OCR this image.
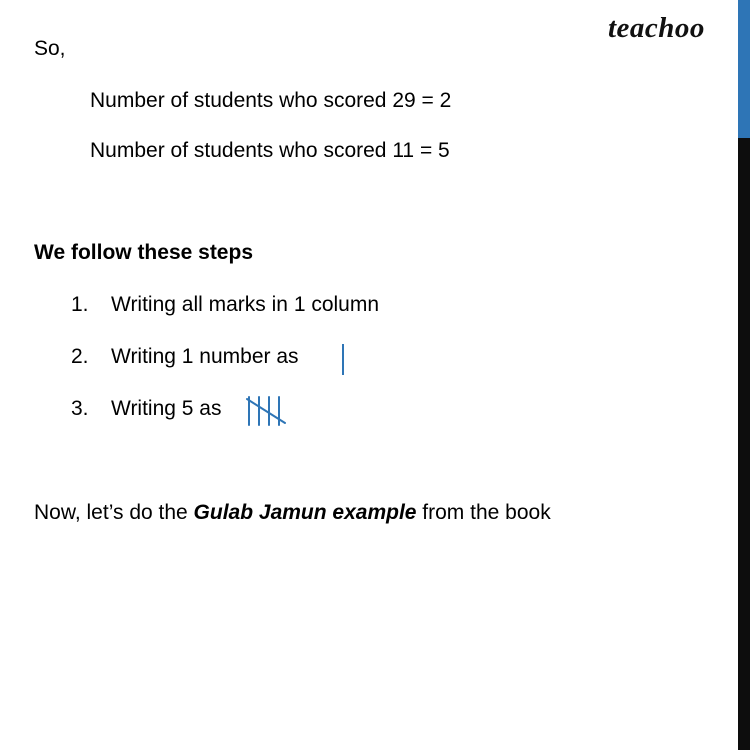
teachoo
So,
Number of students who scored 29 = 2
Number of students who scored 11 = 5
We follow these steps
1. Writing all marks in 1 column
2. Writing 1 number as
3. Writing 5 as
Now, let’s do the Gulab Jamun example from the book
